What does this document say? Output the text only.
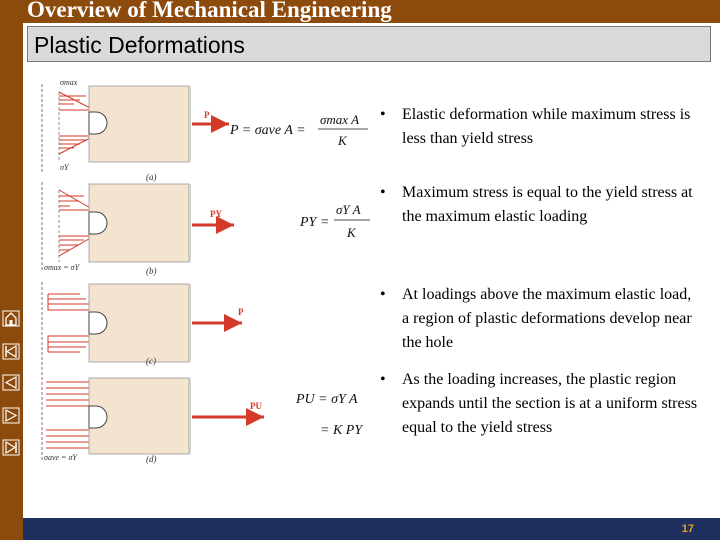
Overview of Mechanical Engineering
Plastic Deformations
P
σmax
σY
(a)
PY
σmax = σY	(b)
P
(c)
PU
σave = σY	(d)
P = σave A =
σmax A
K
PY =
σY A
K
PU = σY A
= K PY
• Elastic deformation while maximum stress is less than yield stress
• Maximum stress is equal to the yield stress at the maximum elastic loading
• At loadings above the maximum elastic load, a region of plastic deformations develop near the hole
• As the loading increases, the plastic region expands until the section is at a uniform stress equal to the yield stress
17
